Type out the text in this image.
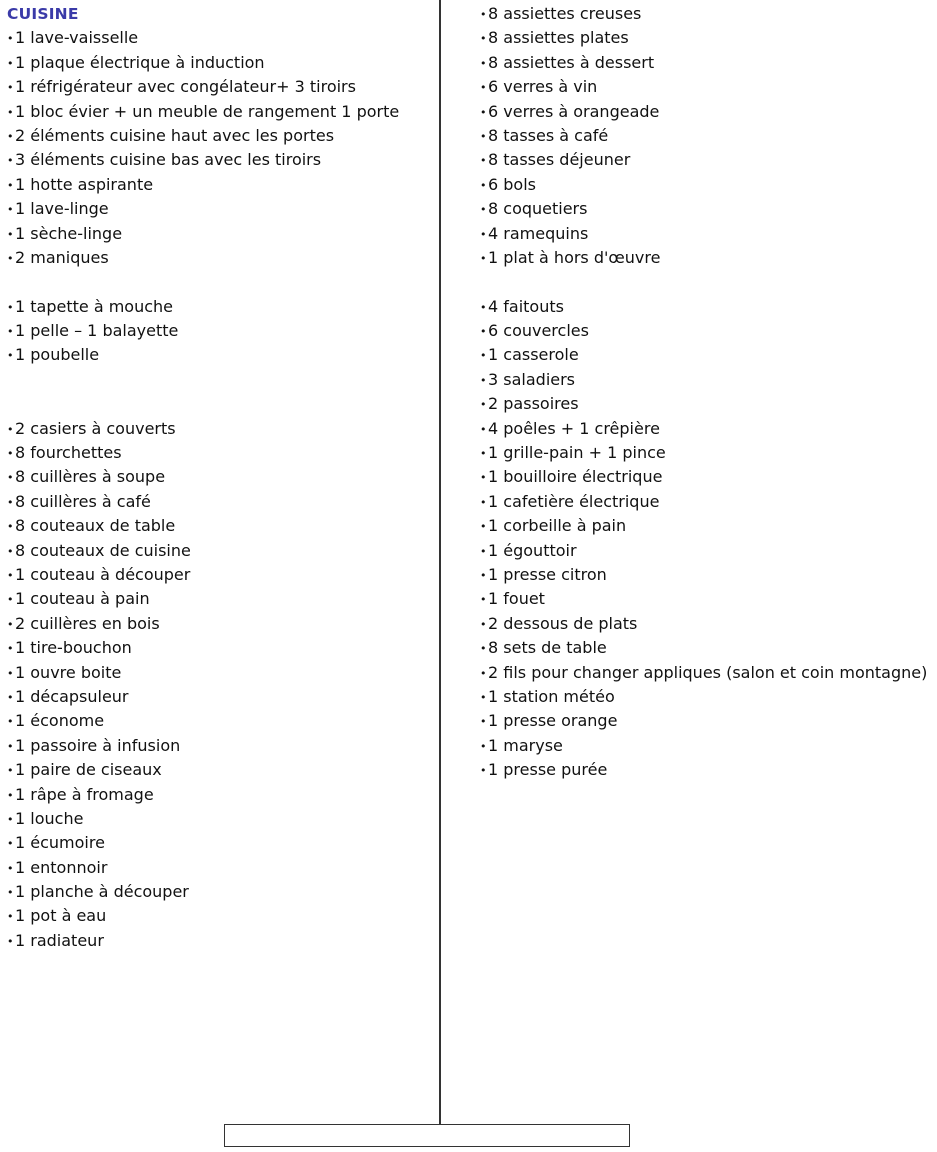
CUISINE
•1 lave-vaisselle
•1 plaque électrique à induction
•1 réfrigérateur avec congélateur+ 3 tiroirs
•1 bloc évier + un meuble de rangement 1 porte
•2 éléments cuisine haut avec les portes
•3 éléments cuisine bas avec les tiroirs
•1 hotte aspirante
•1 lave-linge
•1 sèche-linge
•2 maniques
•1 tapette à mouche
•1 pelle – 1 balayette
•1 poubelle
•2 casiers à couverts
•8 fourchettes
•8 cuillères à soupe
•8 cuillères à café
•8 couteaux de table
•8 couteaux de cuisine
•1 couteau à découper
•1 couteau à pain
•2 cuillères en bois
•1 tire-bouchon
•1 ouvre boite
•1 décapsuleur
•1 économe
•1 passoire à infusion
•1 paire de ciseaux
•1 râpe à fromage
•1 louche
•1 écumoire
•1 entonnoir
•1 planche à découper
•1 pot à eau
•1 radiateur
•8 assiettes creuses
•8 assiettes plates
•8 assiettes à dessert
•6 verres à vin
•6 verres à orangeade
•8 tasses à café
•8 tasses déjeuner
•6 bols
•8 coquetiers
•4 ramequins
•1 plat à hors d'œuvre
•4 faitouts
•6 couvercles
•1 casserole
•3 saladiers
•2 passoires
•4 poêles + 1 crêpière
•1 grille-pain + 1 pince
•1 bouilloire électrique
•1 cafetière électrique
•1 corbeille à pain
•1 égouttoir
•1 presse citron
•1 fouet
•2 dessous de plats
•8 sets de table
•2 fils pour changer appliques (salon et coin montagne)
•1 station météo
•1 presse orange
•1 maryse
•1 presse purée
